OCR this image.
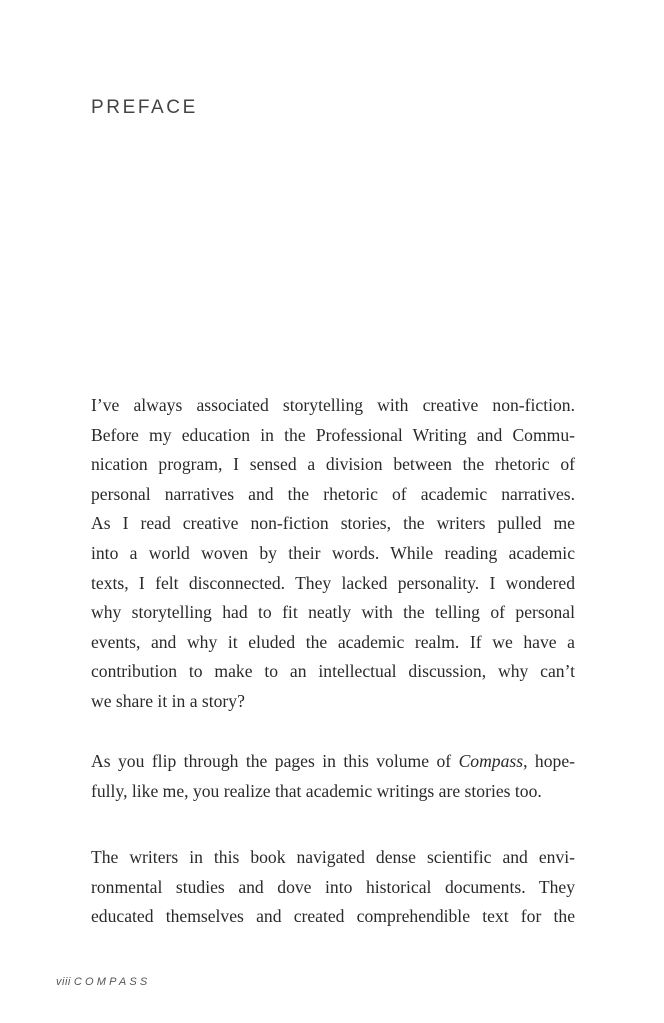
PREFACE
I’ve always associated storytelling with creative non-fiction.
Before my education in the Professional Writing and Commu-
nication program, I sensed a division between the rhetoric of
personal narratives and the rhetoric of academic narratives.
As I read creative non-fiction stories, the writers pulled me
into a world woven by their words. While reading academic
texts, I felt disconnected. They lacked personality. I wondered
why storytelling had to fit neatly with the telling of personal
events, and why it eluded the academic realm. If we have a
contribution to make to an intellectual discussion, why can’t
we share it in a story?
As you flip through the pages in this volume of Compass, hope-
fully, like me, you realize that academic writings are stories too.
The writers in this book navigated dense scientific and envi-
ronmental studies and dove into historical documents. They
educated themselves and created comprehendible text for the
viii COMPASS
